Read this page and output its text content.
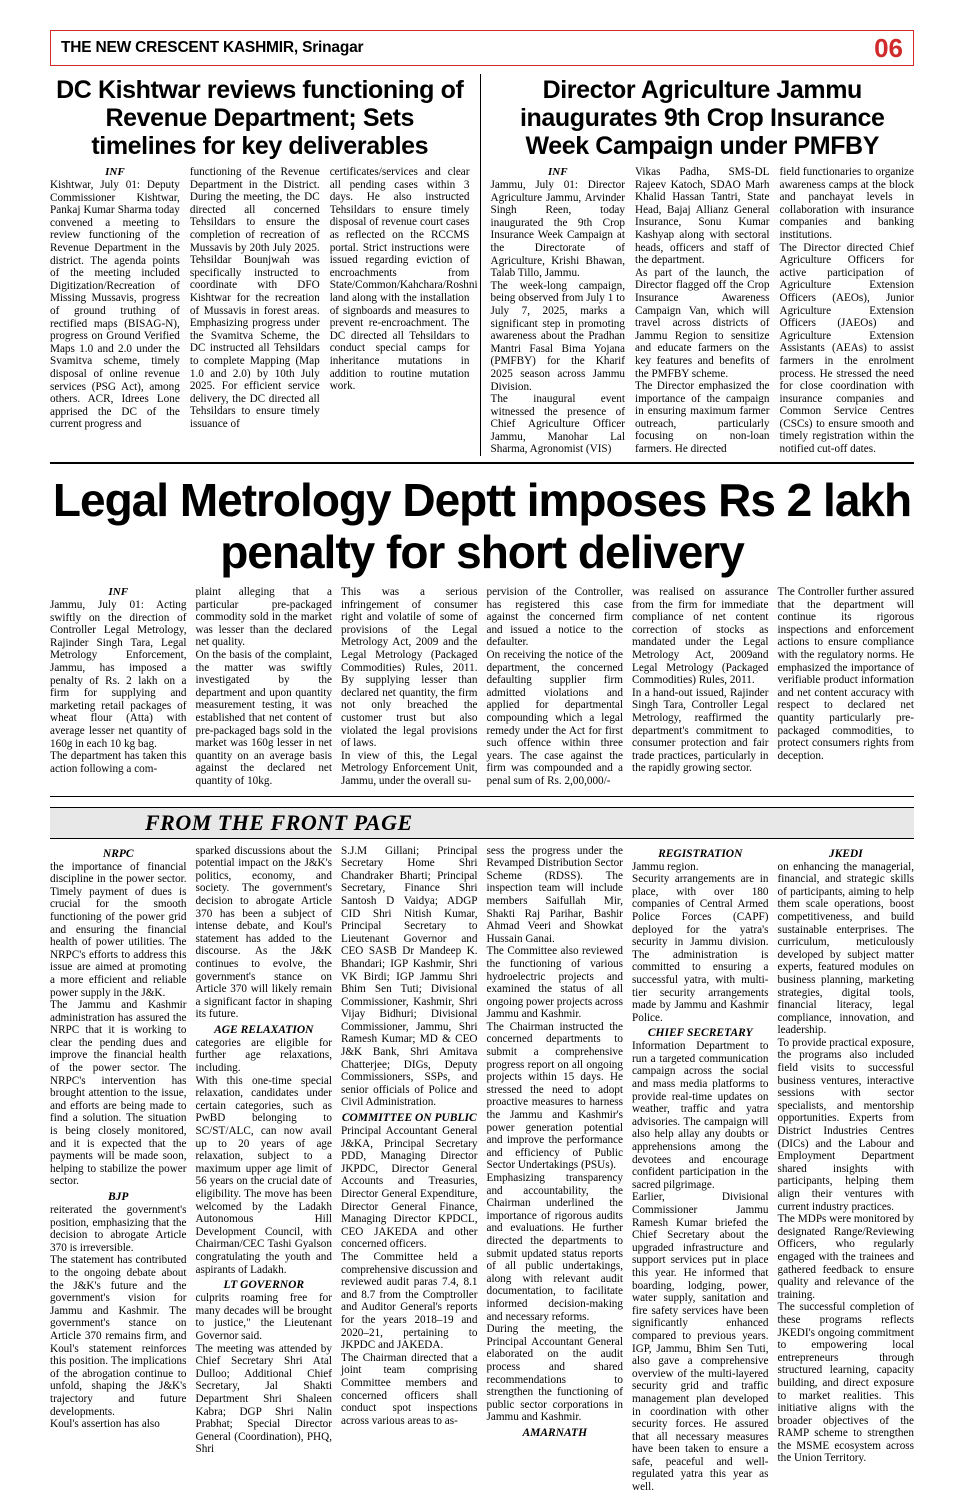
THE NEW CRESCENT KASHMIR, Srinagar	06
DC Kishtwar reviews functioning of Revenue Department; Sets timelines for key deliverables
INF
Kishtwar, July 01: Deputy Commissioner Kishtwar, Pankaj Kumar Sharma today convened a meeting to review functioning of the Revenue Department in the district. The agenda points of the meeting included Digitization/Recreation of Missing Mussavis, progress of ground truthing of rectified maps (BISAG-N), progress on Ground Verified Maps 1.0 and 2.0 under the Svamitva scheme, timely disposal of online revenue services (PSG Act), among others. ACR, Idrees Lone apprised the DC of the current progress and
functioning of the Revenue Department in the District. During the meeting, the DC directed all concerned Tehsildars to ensure the completion of recreation of Mussavis by 20th July 2025. Tehsildar Bounjwah was specifically instructed to coordinate with DFO Kishtwar for the recreation of Mussavis in forest areas. Emphasizing progress under the Svamitva Scheme, the DC instructed all Tehsildars to complete Mapping (Map 1.0 and 2.0) by 10th July 2025. For efficient service delivery, the DC directed all Tehsildars to ensure timely issuance of
certificates/services and clear all pending cases within 3 days. He also instructed Tehsildars to ensure timely disposal of revenue court cases as reflected on the RCCMS portal. Strict instructions were issued regarding eviction of encroachments from State/Common/Kahchara/Roshni land along with the installation of signboards and measures to prevent re-encroachment. The DC directed all Tehsildars to conduct special camps for inheritance mutations in addition to routine mutation work.
Director Agriculture Jammu inaugurates 9th Crop Insurance Week Campaign under PMFBY
INF

Jammu, July 01: Director Agriculture Jammu, Arvinder Singh Reen, today inaugurated the 9th Crop Insurance Week Campaign at the Directorate of Agriculture, Krishi Bhawan, Talab Tillo, Jammu.

The week-long campaign, being observed from July 1 to July 7, 2025, marks a significant step in promoting awareness about the Pradhan Mantri Fasal Bima Yojana (PMFBY) for the Kharif 2025 season across Jammu Division.

The inaugural event witnessed the presence of Chief Agriculture Officer Jammu, Manohar Lal Sharma, Agronomist (VIS)

Vikas Padha, SMS-DL Rajeev Katoch, SDAO Marh Khalid Hassan Tantri, State Head, Bajaj Allianz General Insurance, Sonu Kumar Kashyap along with sectoral heads, officers and staff of the department.

As part of the launch, the Director flagged off the Crop Insurance Awareness Campaign Van, which will travel across districts of Jammu Region to sensitize and educate farmers on the key features and benefits of the PMFBY scheme.

The Director emphasized the importance of the campaign in ensuring maximum farmer outreach, particularly focusing on non-loan farmers. He directed

field functionaries to organize awareness camps at the block and panchayat levels in collaboration with insurance companies and banking institutions.

The Director directed Chief Agriculture Officers for active participation of Agriculture Extension Officers (AEOs), Junior Agriculture Extension Officers (JAEOs) and Agriculture Extension Assistants (AEAs) to assist farmers in the enrolment process. He stressed the need for close coordination with insurance companies and Common Service Centres (CSCs) to ensure smooth and timely registration within the notified cut-off dates.

Legal Metrology Deptt imposes Rs 2 lakh penalty for short delivery
INF

Jammu, July 01: Acting swiftly on the direction of Controller Legal Metrology, Rajinder Singh Tara, Legal Metrology Enforcement, Jammu, has imposed a penalty of Rs. 2 lakh on a firm for supplying and marketing retail packages of wheat flour (Atta) with average lesser net quantity of 160g in each 10 kg bag.

The department has taken this action following a com-

plaint alleging that a particular pre-packaged commodity sold in the market was lesser than the declared net quality.

On the basis of the complaint, the matter was swiftly investigated by the department and upon quantity measurement testing, it was established that net content of pre-packaged bags sold in the market was 160g lesser in net quantity on an average basis against the declared net quantity of 10kg.

This was a serious infringement of consumer right and volatile of some of provisions of the Legal Metrology Act, 2009 and the Legal Metrology (Packaged Commodities) Rules, 2011. By supplying lesser than declared net quantity, the firm not only breached the customer trust but also violated the legal provisions of laws.

In view of this, the Legal Metrology Enforcement Unit, Jammu, under the overall su-

pervision of the Controller, has registered this case against the concerned firm and issued a notice to the defaulter.

On receiving the notice of the department, the concerned defaulting supplier firm admitted violations and applied for departmental compounding which a legal remedy under the Act for first such offence within three years. The case against the firm was compounded and a penal sum of Rs. 2,00,000/-

was realised on assurance from the firm for immediate compliance of net content correction of stocks as mandated under the Legal Metrology Act, 2009and Legal Metrology (Packaged Commodities) Rules, 2011.

In a hand-out issued, Rajinder Singh Tara, Controller Legal Metrology, reaffirmed the department's commitment to consumer protection and fair trade practices, particularly in the rapidly growing sector.

The Controller further assured that the department will continue its rigorous inspections and enforcement actions to ensure compliance with the regulatory norms. He emphasized the importance of verifiable product information and net content accuracy with respect to declared net quantity particularly pre-packaged commodities, to protect consumers rights from deception.
FROM THE FRONT PAGE
NRPC

the importance of financial discipline in the power sector. Timely payment of dues is crucial for the smooth functioning of the power grid and ensuring the financial health of power utilities. The NRPC's efforts to address this issue are aimed at promoting a more efficient and reliable power supply in the J&K.

The Jammu and Kashmir administration has assured the NRPC that it is working to clear the pending dues and improve the financial health of the power sector. The NRPC's intervention has brought attention to the issue, and efforts are being made to find a solution. The situation is being closely monitored, and it is expected that the payments will be made soon, helping to stabilize the power sector.

BJP

reiterated the government's position, emphasizing that the decision to abrogate Article 370 is irreversible.

The statement has contributed to the ongoing debate about the J&K's future and the government's vision for Jammu and Kashmir. The government's stance on Article 370 remains firm, and Koul's statement reinforces this position. The implications of the abrogation continue to unfold, shaping the J&K's trajectory and future developments.

Koul's assertion has also

sparked discussions about the potential impact on the J&K's politics, economy, and society. The government's decision to abrogate Article 370 has been a subject of intense debate, and Koul's statement has added to the discourse. As the J&K continues to evolve, the government's stance on Article 370 will likely remain a significant factor in shaping its future.
AGE RELAXATION

categories are eligible for further age relaxations, including.

With this one-time special relaxation, candidates under certain categories, such as PwBD belonging to SC/ST/ALC, can now avail up to 20 years of age relaxation, subject to a maximum upper age limit of 56 years on the crucial date of eligibility. The move has been welcomed by the Ladakh Autonomous Hill Development Council, with Chairman/CEC Tashi Gyalson congratulating the youth and aspirants of Ladakh.

LT GOVERNOR

culprits roaming free for many decades will be brought to justice," the Lieutenant Governor said.

The meeting was attended by Chief Secretary Shri Atal Dulloo; Additional Chief Secretary, Jal Shakti Department Shri Shaleen Kabra; DGP Shri Nalin Prabhat; Special Director General (Coordination), PHQ, Shri

S.J.M Gillani; Principal Secretary Home Shri Chandraker Bharti; Principal Secretary, Finance Shri Santosh D Vaidya; ADGP CID Shri Nitish Kumar, Principal Secretary to Lieutenant Governor and CEO SASB Dr Mandeep K. Bhandari; IGP Kashmir, Shri VK Birdi; IGP Jammu Shri Bhim Sen Tuti; Divisional Commissioner, Kashmir, Shri Vijay Bidhuri; Divisional Commissioner, Jammu, Shri Ramesh Kumar; MD & CEO J&K Bank, Shri Amitava Chatterjee; DIGs, Deputy Commissioners, SSPs, and senior officials of Police and Civil Administration.
COMMITTEE ON PUBLIC

Principal Accountant General J&KA, Principal Secretary PDD, Managing Director JKPDC, Director General Accounts and Treasuries, Director General Expenditure, Director General Finance, Managing Director KPDCL, CEO JAKEDA and other concerned officers.

The Committee held a comprehensive discussion and reviewed audit paras 7.4, 8.1 and 8.7 from the Comptroller and Auditor General's reports for the years 2018–19 and 2020–21, pertaining to JKPDC and JAKEDA.

The Chairman directed that a joint team comprising Committee members and concerned officers shall conduct spot inspections across various areas to as-

sess the progress under the Revamped Distribution Sector Scheme (RDSS). The inspection team will include members Saifullah Mir, Shakti Raj Parihar, Bashir Ahmad Veeri and Showkat Hussain Ganai.

The Committee also reviewed the functioning of various hydroelectric projects and examined the status of all ongoing power projects across Jammu and Kashmir.

The Chairman instructed the concerned departments to submit a comprehensive progress report on all ongoing projects within 15 days. He stressed the need to adopt proactive measures to harness the Jammu and Kashmir's power generation potential and improve the performance and efficiency of Public Sector Undertakings (PSUs).

Emphasizing transparency and accountability, the Chairman underlined the importance of rigorous audits and evaluations. He further directed the departments to submit updated status reports of all public undertakings, along with relevant audit documentation, to facilitate informed decision-making and necessary reforms.

During the meeting, the Principal Accountant General elaborated on the audit process and shared recommendations to strengthen the functioning of public sector corporations in Jammu and Kashmir.

AMARNATH
REGISTRATION

Jammu region.

Security arrangements are in place, with over 180 companies of Central Armed Police Forces (CAPF) deployed for the yatra's security in Jammu division. The administration is committed to ensuring a successful yatra, with multi-tier security arrangements made by Jammu and Kashmir Police.

CHIEF SECRETARY

Information Department to run a targeted communication campaign across the social and mass media platforms to provide real-time updates on weather, traffic and yatra advisories. The campaign will also help allay any doubts or apprehensions among the devotees and encourage confident participation in the sacred pilgrimage.

Earlier, Divisional Commissioner Jammu Ramesh Kumar briefed the Chief Secretary about the upgraded infrastructure and support services put in place this year. He informed that boarding, lodging, power, water supply, sanitation and fire safety services have been significantly enhanced compared to previous years. IGP, Jammu, Bhim Sen Tuti, also gave a comprehensive overview of the multi-layered security grid and traffic management plan developed in coordination with other security forces. He assured that all necessary measures have been taken to ensure a safe, peaceful and well-regulated yatra this year as well.

JKEDI

on enhancing the managerial, financial, and strategic skills of participants, aiming to help them scale operations, boost competitiveness, and build sustainable enterprises. The curriculum, meticulously developed by subject matter experts, featured modules on business planning, marketing strategies, digital tools, financial literacy, legal compliance, innovation, and leadership.

To provide practical exposure, the programs also included field visits to successful business ventures, interactive sessions with sector specialists, and mentorship opportunities. Experts from District Industries Centres (DICs) and the Labour and Employment Department shared insights with participants, helping them align their ventures with current industry practices.

The MDPs were monitored by designated Range/Reviewing Officers, who regularly engaged with the trainees and gathered feedback to ensure quality and relevance of the training.

The successful completion of these programs reflects JKEDI's ongoing commitment to empowering local entrepreneurs through structured learning, capacity building, and direct exposure to market realities. This initiative aligns with the broader objectives of the RAMP scheme to strengthen the MSME ecosystem across the Union Territory.
